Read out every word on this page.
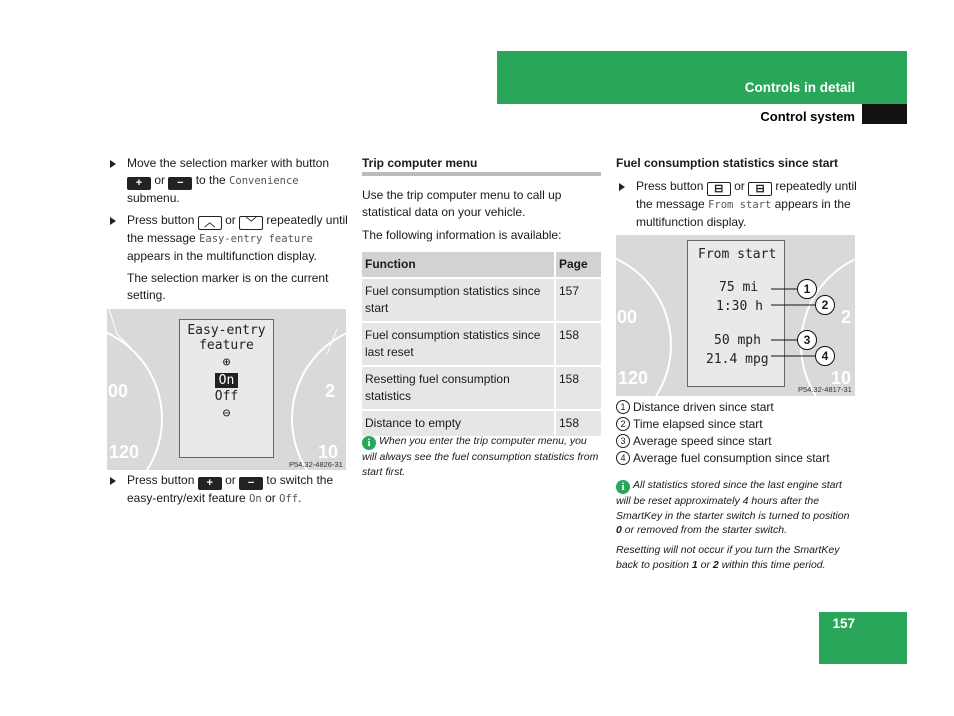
Controls in detail
Control system
Move the selection marker with button + or − to the Convenience submenu.
Press button ︿ or ﹀ repeatedly until the message Easy-entry feature appears in the multifunction display.
The selection marker is on the current setting.
00
120	10
2
Easy-entry
feature
⊕
On
Off
⊖
P54.32-4826-31
Press button + or − to switch the easy-entry/exit feature On or Off.
Trip computer menu
Use the trip computer menu to call up statistical data on your vehicle.
The following information is available:
Function	Page
Fuel consumption statistics since start	157
Fuel consumption statistics since last reset	158
Resetting fuel consumption statistics	158
Distance to empty	158
i When you enter the trip computer menu, you will always see the fuel consumption statistics from start first.
Fuel consumption statistics since start
Press button ⊟ or ⊟ repeatedly until the message From start appears in the multifunction display.
00
120	10
2
From start
75 mi
1:30 h
50 mph
21.4 mpg
1
2
3
4
P54.32-4817-31
1 Distance driven since start
2 Time elapsed since start
3 Average speed since start
4 Average fuel consumption since start
i All statistics stored since the last engine start will be reset approximately 4 hours after the SmartKey in the starter switch is turned to position 0 or removed from the starter switch.
Resetting will not occur if you turn the SmartKey back to position 1 or 2 within this time period.
157
